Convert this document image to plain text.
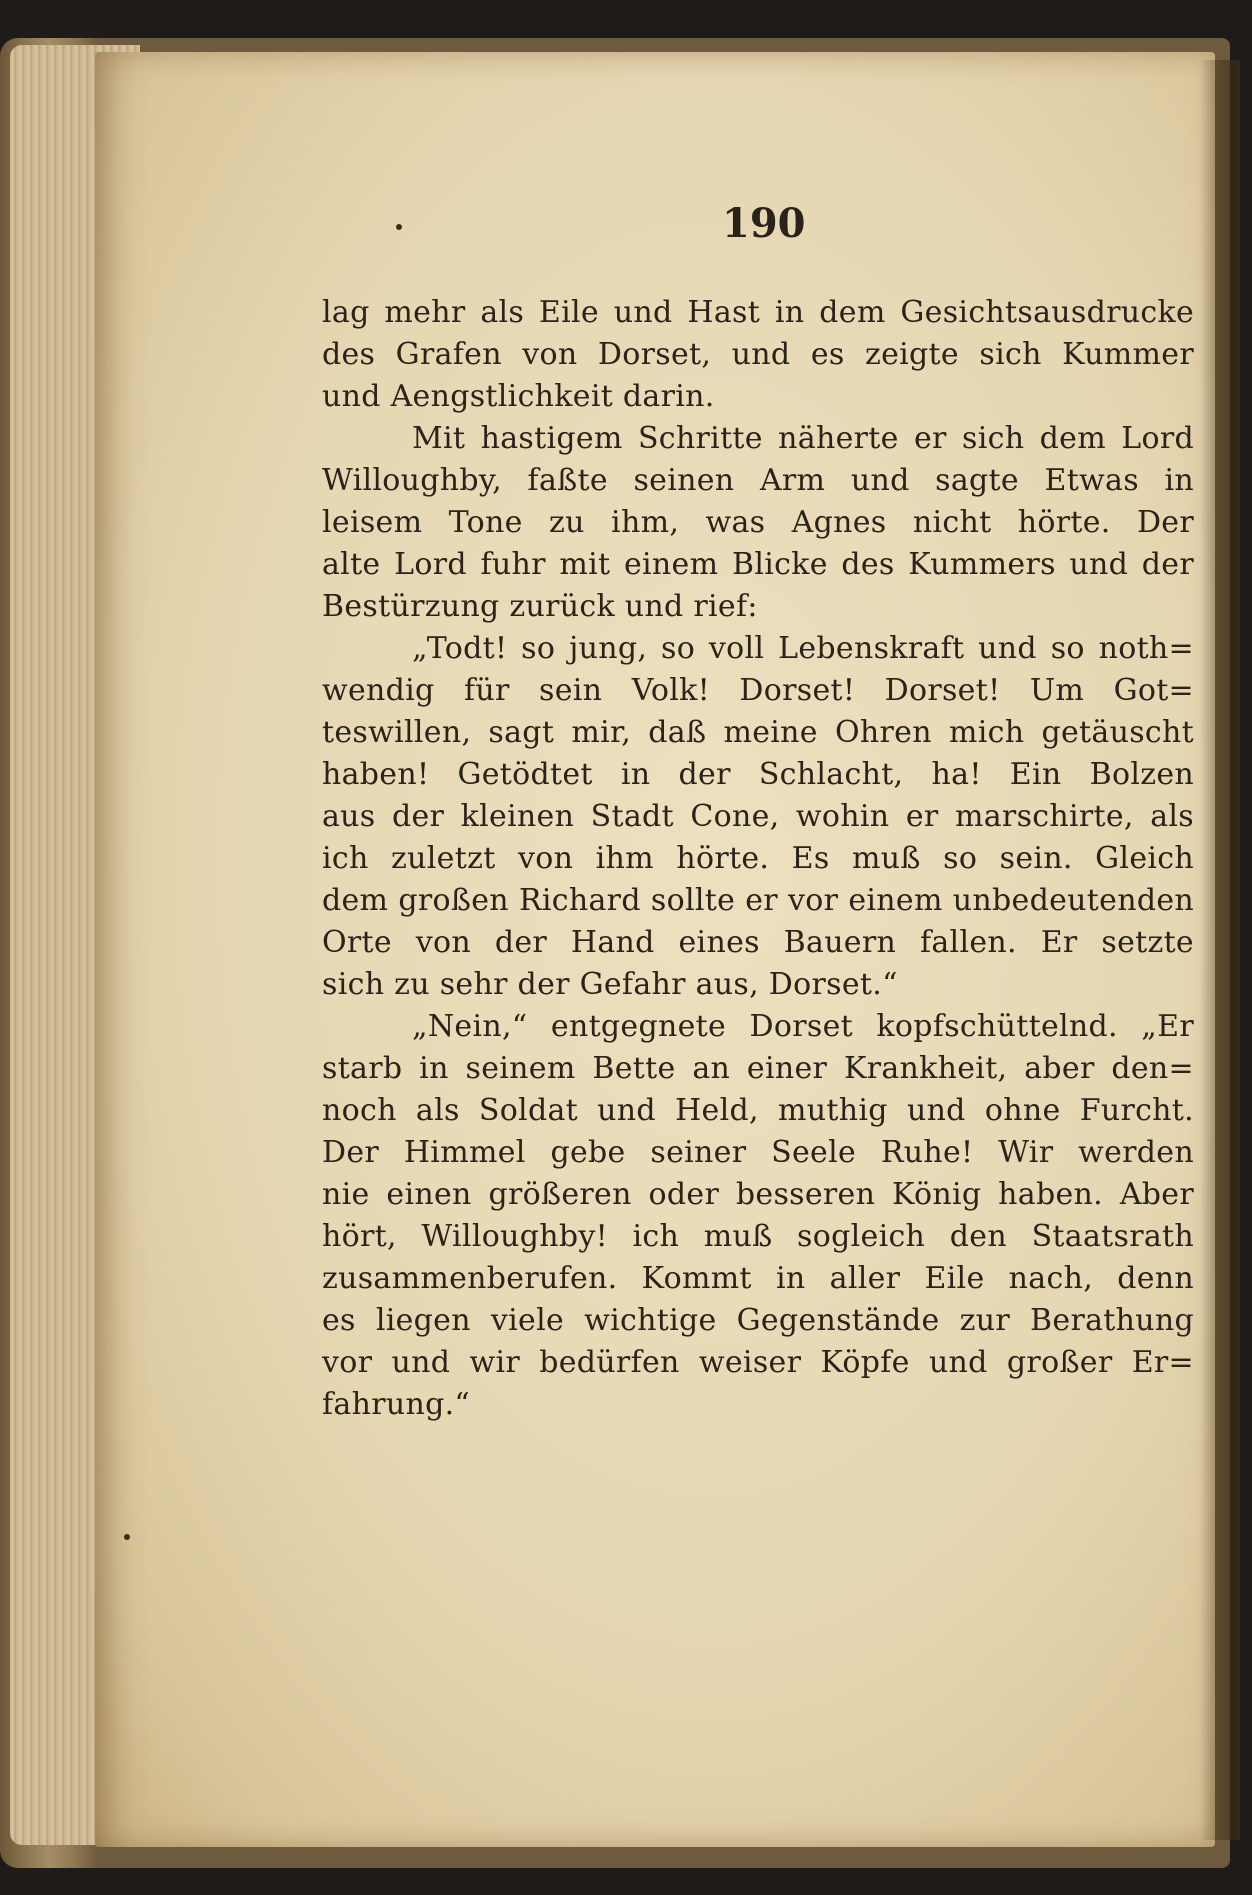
190
lag mehr als Eile und Hast in dem Gesichtsausdrucke
des Grafen von Dorset, und es zeigte sich Kummer
und Aengstlichkeit darin.
Mit hastigem Schritte näherte er sich dem Lord
Willoughby, faßte seinen Arm und sagte Etwas in
leisem Tone zu ihm, was Agnes nicht hörte. Der
alte Lord fuhr mit einem Blicke des Kummers und der
Bestürzung zurück und rief:
„Todt! so jung, so voll Lebenskraft und so noth=
wendig für sein Volk! Dorset! Dorset! Um Got=
teswillen, sagt mir, daß meine Ohren mich getäuscht
haben! Getödtet in der Schlacht, ha! Ein Bolzen
aus der kleinen Stadt Cone, wohin er marschirte, als
ich zuletzt von ihm hörte. Es muß so sein. Gleich
dem großen Richard sollte er vor einem unbedeutenden
Orte von der Hand eines Bauern fallen. Er setzte
sich zu sehr der Gefahr aus, Dorset.“
„Nein,“ entgegnete Dorset kopfschüttelnd. „Er
starb in seinem Bette an einer Krankheit, aber den=
noch als Soldat und Held, muthig und ohne Furcht.
Der Himmel gebe seiner Seele Ruhe! Wir werden
nie einen größeren oder besseren König haben. Aber
hört, Willoughby! ich muß sogleich den Staatsrath
zusammenberufen. Kommt in aller Eile nach, denn
es liegen viele wichtige Gegenstände zur Berathung
vor und wir bedürfen weiser Köpfe und großer Er=
fahrung.“
